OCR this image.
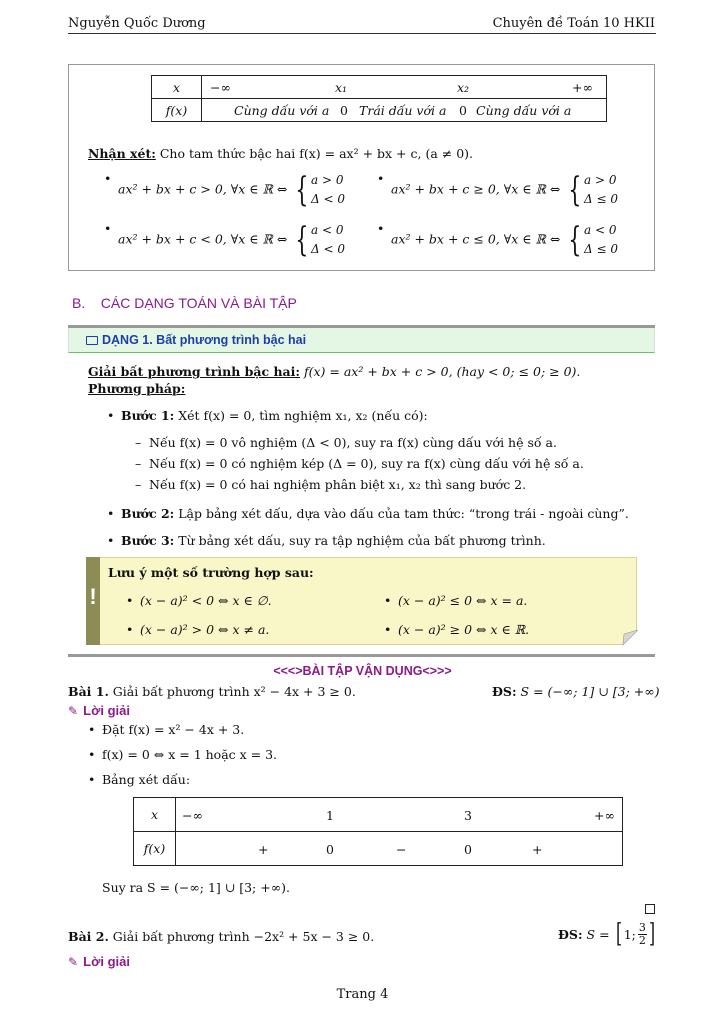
Nguyễn Quốc Dương	Chuyên đề Toán 10 HKII
x	−∞ x₁ x₂ +∞

f(x)	Cùng dấu với a 0 Trái dấu với a 0 Cùng dấu với a
Nhận xét: Cho tam thức bậc hai f(x) = ax² + bx + c, (a ≠ 0).
ax² + bx + c > 0, ∀x ∈ ℝ ⇔ { a > 0
Δ < 0
ax² + bx + c ≥ 0, ∀x ∈ ℝ ⇔ { a > 0
Δ ≤ 0
ax² + bx + c < 0, ∀x ∈ ℝ ⇔ { a < 0
Δ < 0
ax² + bx + c ≤ 0, ∀x ∈ ℝ ⇔ { a < 0
Δ ≤ 0
B.    CÁC DẠNG TOÁN VÀ BÀI TẬP
DẠNG 1. Bất phương trình bậc hai
Giải bất phương trình bậc hai: f(x) = ax² + bx + c > 0, (hay < 0; ≤ 0; ≥ 0).
Phương pháp:
Bước 1: Xét f(x) = 0, tìm nghiệm x₁, x₂ (nếu có):
– Nếu f(x) = 0 vô nghiệm (Δ < 0), suy ra f(x) cùng dấu với hệ số a.
– Nếu f(x) = 0 có nghiệm kép (Δ = 0), suy ra f(x) cùng dấu với hệ số a.
– Nếu f(x) = 0 có hai nghiệm phân biệt x₁, x₂ thì sang bước 2.
Bước 2: Lập bảng xét dấu, dựa vào dấu của tam thức: “trong trái - ngoài cùng”.
Bước 3: Từ bảng xét dấu, suy ra tập nghiệm của bất phương trình.
!
Lưu ý một số trường hợp sau:
(x − a)² < 0 ⇔ x ∈ ∅.	(x − a)² ≤ 0 ⇔ x = a.
(x − a)² > 0 ⇔ x ≠ a.	(x − a)² ≥ 0 ⇔ x ∈ ℝ.
<<<>BÀI TẬP VẬN DỤNG<>>>
Bài 1. Giải bất phương trình x² − 4x + 3 ≥ 0.	ĐS: S = (−∞; 1] ∪ [3; +∞)
✎ Lời giải
Đặt f(x) = x² − 4x + 3.
f(x) = 0 ⇔ x = 1 hoặc x = 3.
Bảng xét dấu:
x	−∞ 1 3 +∞

f(x)	+ 0 − 0 +
Suy ra S = (−∞; 1] ∪ [3; +∞).
Bài 2. Giải bất phương trình −2x² + 5x − 3 ≥ 0.	ĐS: S = [ 1; 3
2 ]
✎ Lời giải
Trang 4
